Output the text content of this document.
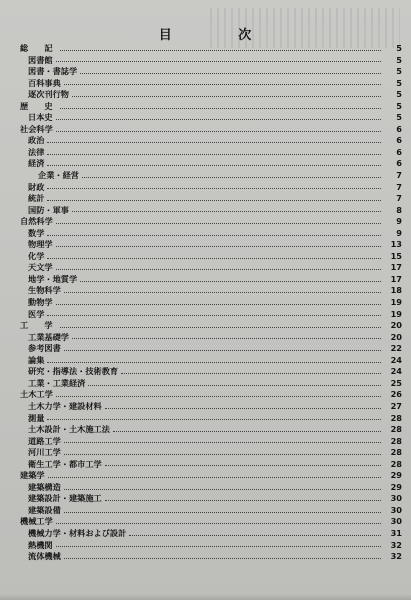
目	次
総　記	5
図書館	5
図書・書誌学	5
百科事典	5
逐次刊行物	5
歴　史	5
日本史	5
社会科学	6
政治	6
法律	6
経済	6
企業・経営	7
財政	7
統計	7
国防・軍事	8
自然科学	9
数学	9
物理学	13
化学	15
天文学	17
地学・地質学	17
生物科学	18
動物学	19
医学	19
工　学	20
工業基礎学	20
参考図書	22
論集	24
研究・指導法・技術教育	24
工業・工業経済	25
土木工学	26
土木力学・建設材料	27
測量	28
土木設計・土木施工法	28
道路工学	28
河川工学	28
衛生工学・都市工学	28
建築学	29
建築構造	29
建築設計・建築施工	30
建築設備	30
機械工学	30
機械力学・材料および設計	31
熱機関	32
流体機械	32
